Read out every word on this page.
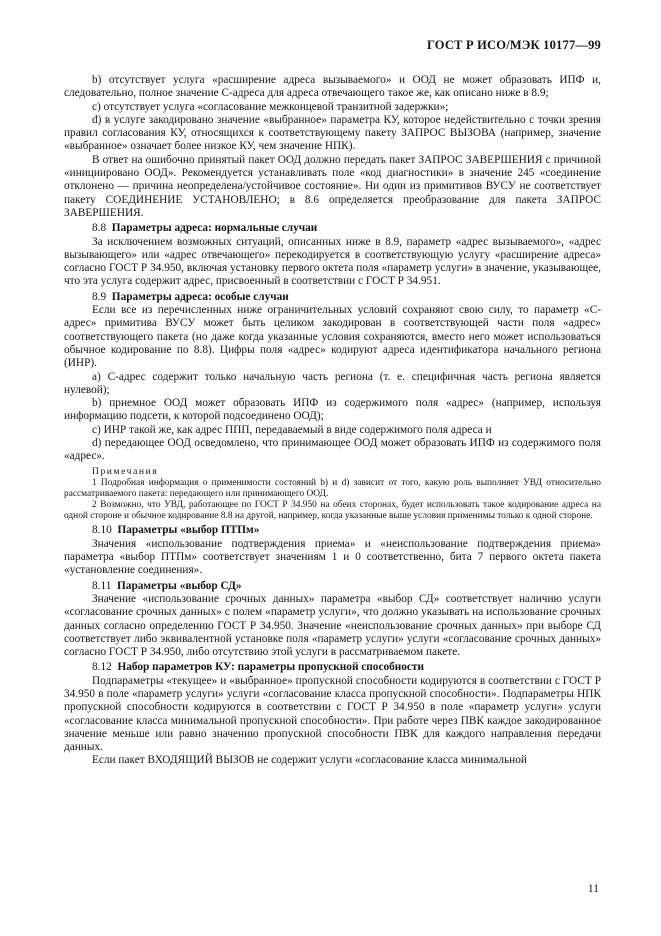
ГОСТ Р ИСО/МЭК 10177—99

b) отсутствует услуга «расширение адреса вызываемого» и ООД не может образовать ИПФ и, следовательно, полное значение С-адреса для адреса отвечающего такое же, как описано ниже в 8.9;

c) отсутствует услуга «согласование межконцевой транзитной задержки»;

d) в услуге закодировано значение «выбранное» параметра КУ, которое недействительно с точки зрения правил согласования КУ, относящихся к соответствующему пакету ЗАПРОС ВЫЗОВА (например, значение «выбранное» означает более низкое КУ, чем значение НПК).

В ответ на ошибочно принятый пакет ООД должно передать пакет ЗАПРОС ЗАВЕРШЕНИЯ с причиной «инициировано ООД». Рекомендуется устанавливать поле «код диагностики» в значение 245 «соединение отклонено — причина неопределена/устойчивое состояние». Ни один из примитивов ВУСУ не соответствует пакету СОЕДИНЕНИЕ УСТАНОВЛЕНО; в 8.6 определяется преобразование для пакета ЗАПРОС ЗАВЕРШЕНИЯ.

8.8 Параметры адреса: нормальные случаи

За исключением возможных ситуаций, описанных ниже в 8.9, параметр «адрес вызываемого», «адрес вызывающего» или «адрес отвечающего» перекодируется в соответствующую услугу «расширение адреса» согласно ГОСТ Р 34.950, включая установку первого октета поля «параметр услуги» в значение, указывающее, что эта услуга содержит адрес, присвоенный в соответствии с ГОСТ Р 34.951.

8.9 Параметры адреса: особые случаи

Если все из перечисленных ниже ограничительных условий сохраняют свою силу, то параметр «С-адрес» примитива ВУСУ может быть целиком закодирован в соответствующей части поля «адрес» соответствующего пакета (но даже когда указанные условия сохраняются, вместо него может использоваться обычное кодирование по 8.8). Цифры поля «адрес» кодируют адреса идентификатора начального региона (ИНР).

a) С-адрес содержит только начальную часть региона (т. е. специфичная часть региона является нулевой);

b) приемное ООД может образовать ИПФ из содержимого поля «адрес» (например, используя информацию подсети, к которой подсоединено ООД);

c) ИНР такой же, как адрес ППП, передаваемый в виде содержимого поля адреса и

d) передающее ООД осведомлено, что принимающее ООД может образовать ИПФ из содержимого поля «адрес».

Примечания

1 Подробная информация о применимости состояний b) и d) зависит от того, какую роль выполняет УВД относительно рассматриваемого пакета: передающего или принимающего ООД.

2 Возможно, что УВД, работающее по ГОСТ Р 34.950 на обеих сторонах, будет использовать такое кодирование адреса на одной стороне и обычное кодирование 8.8 на другой, например, когда указанные выше условия применимы только к одной стороне.

8.10 Параметры «выбор ПТПм»

Значения «использование подтверждения приема» и «неиспользование подтверждения приема» параметра «выбор ПТПм» соответствует значениям 1 и 0 соответственно, бита 7 первого октета пакета «установление соединения».

8.11 Параметры «выбор СД»

Значение «использование срочных данных» параметра «выбор СД» соответствует наличию услуги «согласование срочных данных» с полем «параметр услуги», что должно указывать на использование срочных данных согласно определению ГОСТ Р 34.950. Значение «неиспользование срочных данных» при выборе СД соответствует либо эквивалентной установке поля «параметр услуги» услуги «согласование срочных данных» согласно ГОСТ Р 34.950, либо отсутствию этой услуги в рассматриваемом пакете.

8.12 Набор параметров КУ: параметры пропускной способности

Подпараметры «текущее» и «выбранное» пропускной способности кодируются в соответствии с ГОСТ Р 34.950 в поле «параметр услуги» услуги «согласование класса пропускной способности». Подпараметры НПК пропускной способности кодируются в соответствии с ГОСТ Р 34.950 в поле «параметр услуги» услуги «согласование класса минимальной пропускной способности». При работе через ПВК каждое закодированное значение меньше или равно значению пропускной способности ПВК для каждого направления передачи данных.

Если пакет ВХОДЯЩИЙ ВЫЗОВ не содержит услуги «согласование класса минимальной

11
